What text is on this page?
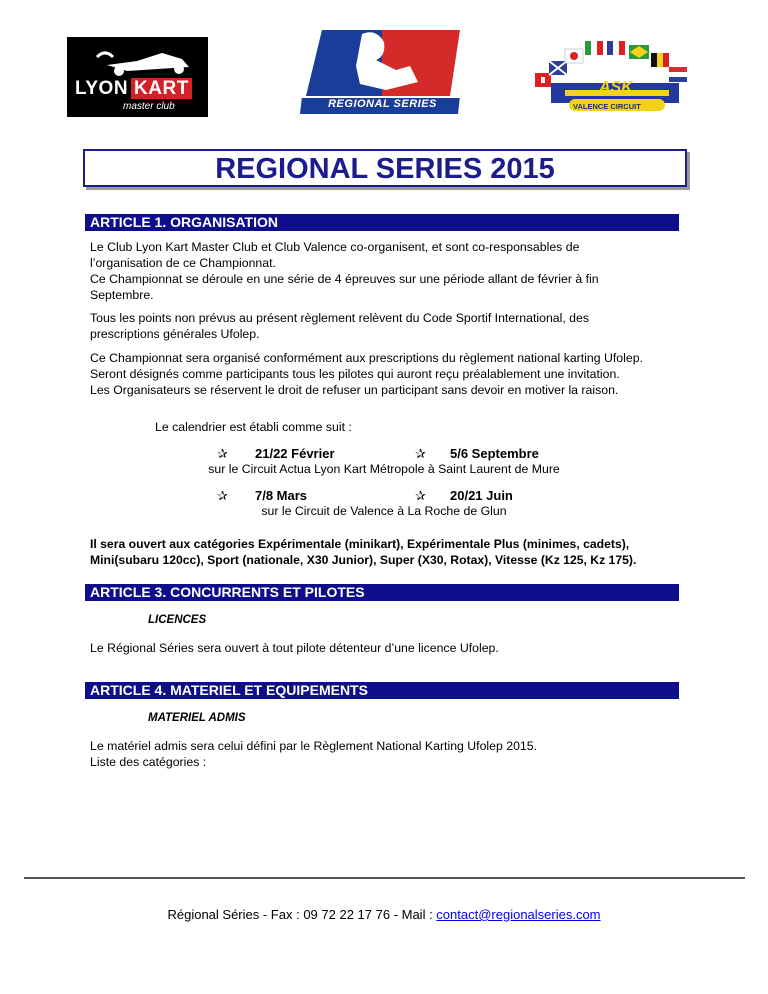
LYON KART
master club	REGIONAL SERIES
ASK
VALENCE CIRCUIT
REGIONAL SERIES 2015
ARTICLE 1. ORGANISATION

Le Club Lyon Kart Master Club et Club Valence co-organisent, et sont co-responsables de
l’organisation de ce Championnat.
Ce Championnat se déroule en une série de 4 épreuves sur une période allant de février à fin
Septembre.

Tous les points non prévus au présent règlement relèvent du Code Sportif International, des
prescriptions générales Ufolep.

Ce Championnat sera organisé conformément aux prescriptions du règlement national karting Ufolep.
Seront désignés comme participants tous les pilotes qui auront reçu préalablement une invitation.
Les Organisateurs se réservent le droit de refuser un participant sans devoir en motiver la raison.

Le calendrier est établi comme suit :
✰ 21/22 Février	✰ 5/6 Septembre
sur le Circuit Actua Lyon Kart Métropole à Saint Laurent de Mure
✰ 7/8 Mars	✰ 20/21 Juin
sur le Circuit de Valence à La Roche de Glun
Il sera ouvert aux catégories Expérimentale (minikart), Expérimentale Plus (minimes, cadets),
Mini(subaru 120cc), Sport (nationale, X30 Junior), Super (X30, Rotax), Vitesse (Kz 125, Kz 175).
ARTICLE 3. CONCURRENTS ET PILOTES
LICENCES
Le Régional Séries sera ouvert à tout pilote détenteur d’une licence Ufolep.
ARTICLE 4. MATERIEL ET EQUIPEMENTS
MATERIEL ADMIS

Le matériel admis sera celui défini par le Règlement National Karting Ufolep 2015.
Liste des catégories :

Régional Séries - Fax : 09 72 22 17 76 - Mail : contact@regionalseries.com
